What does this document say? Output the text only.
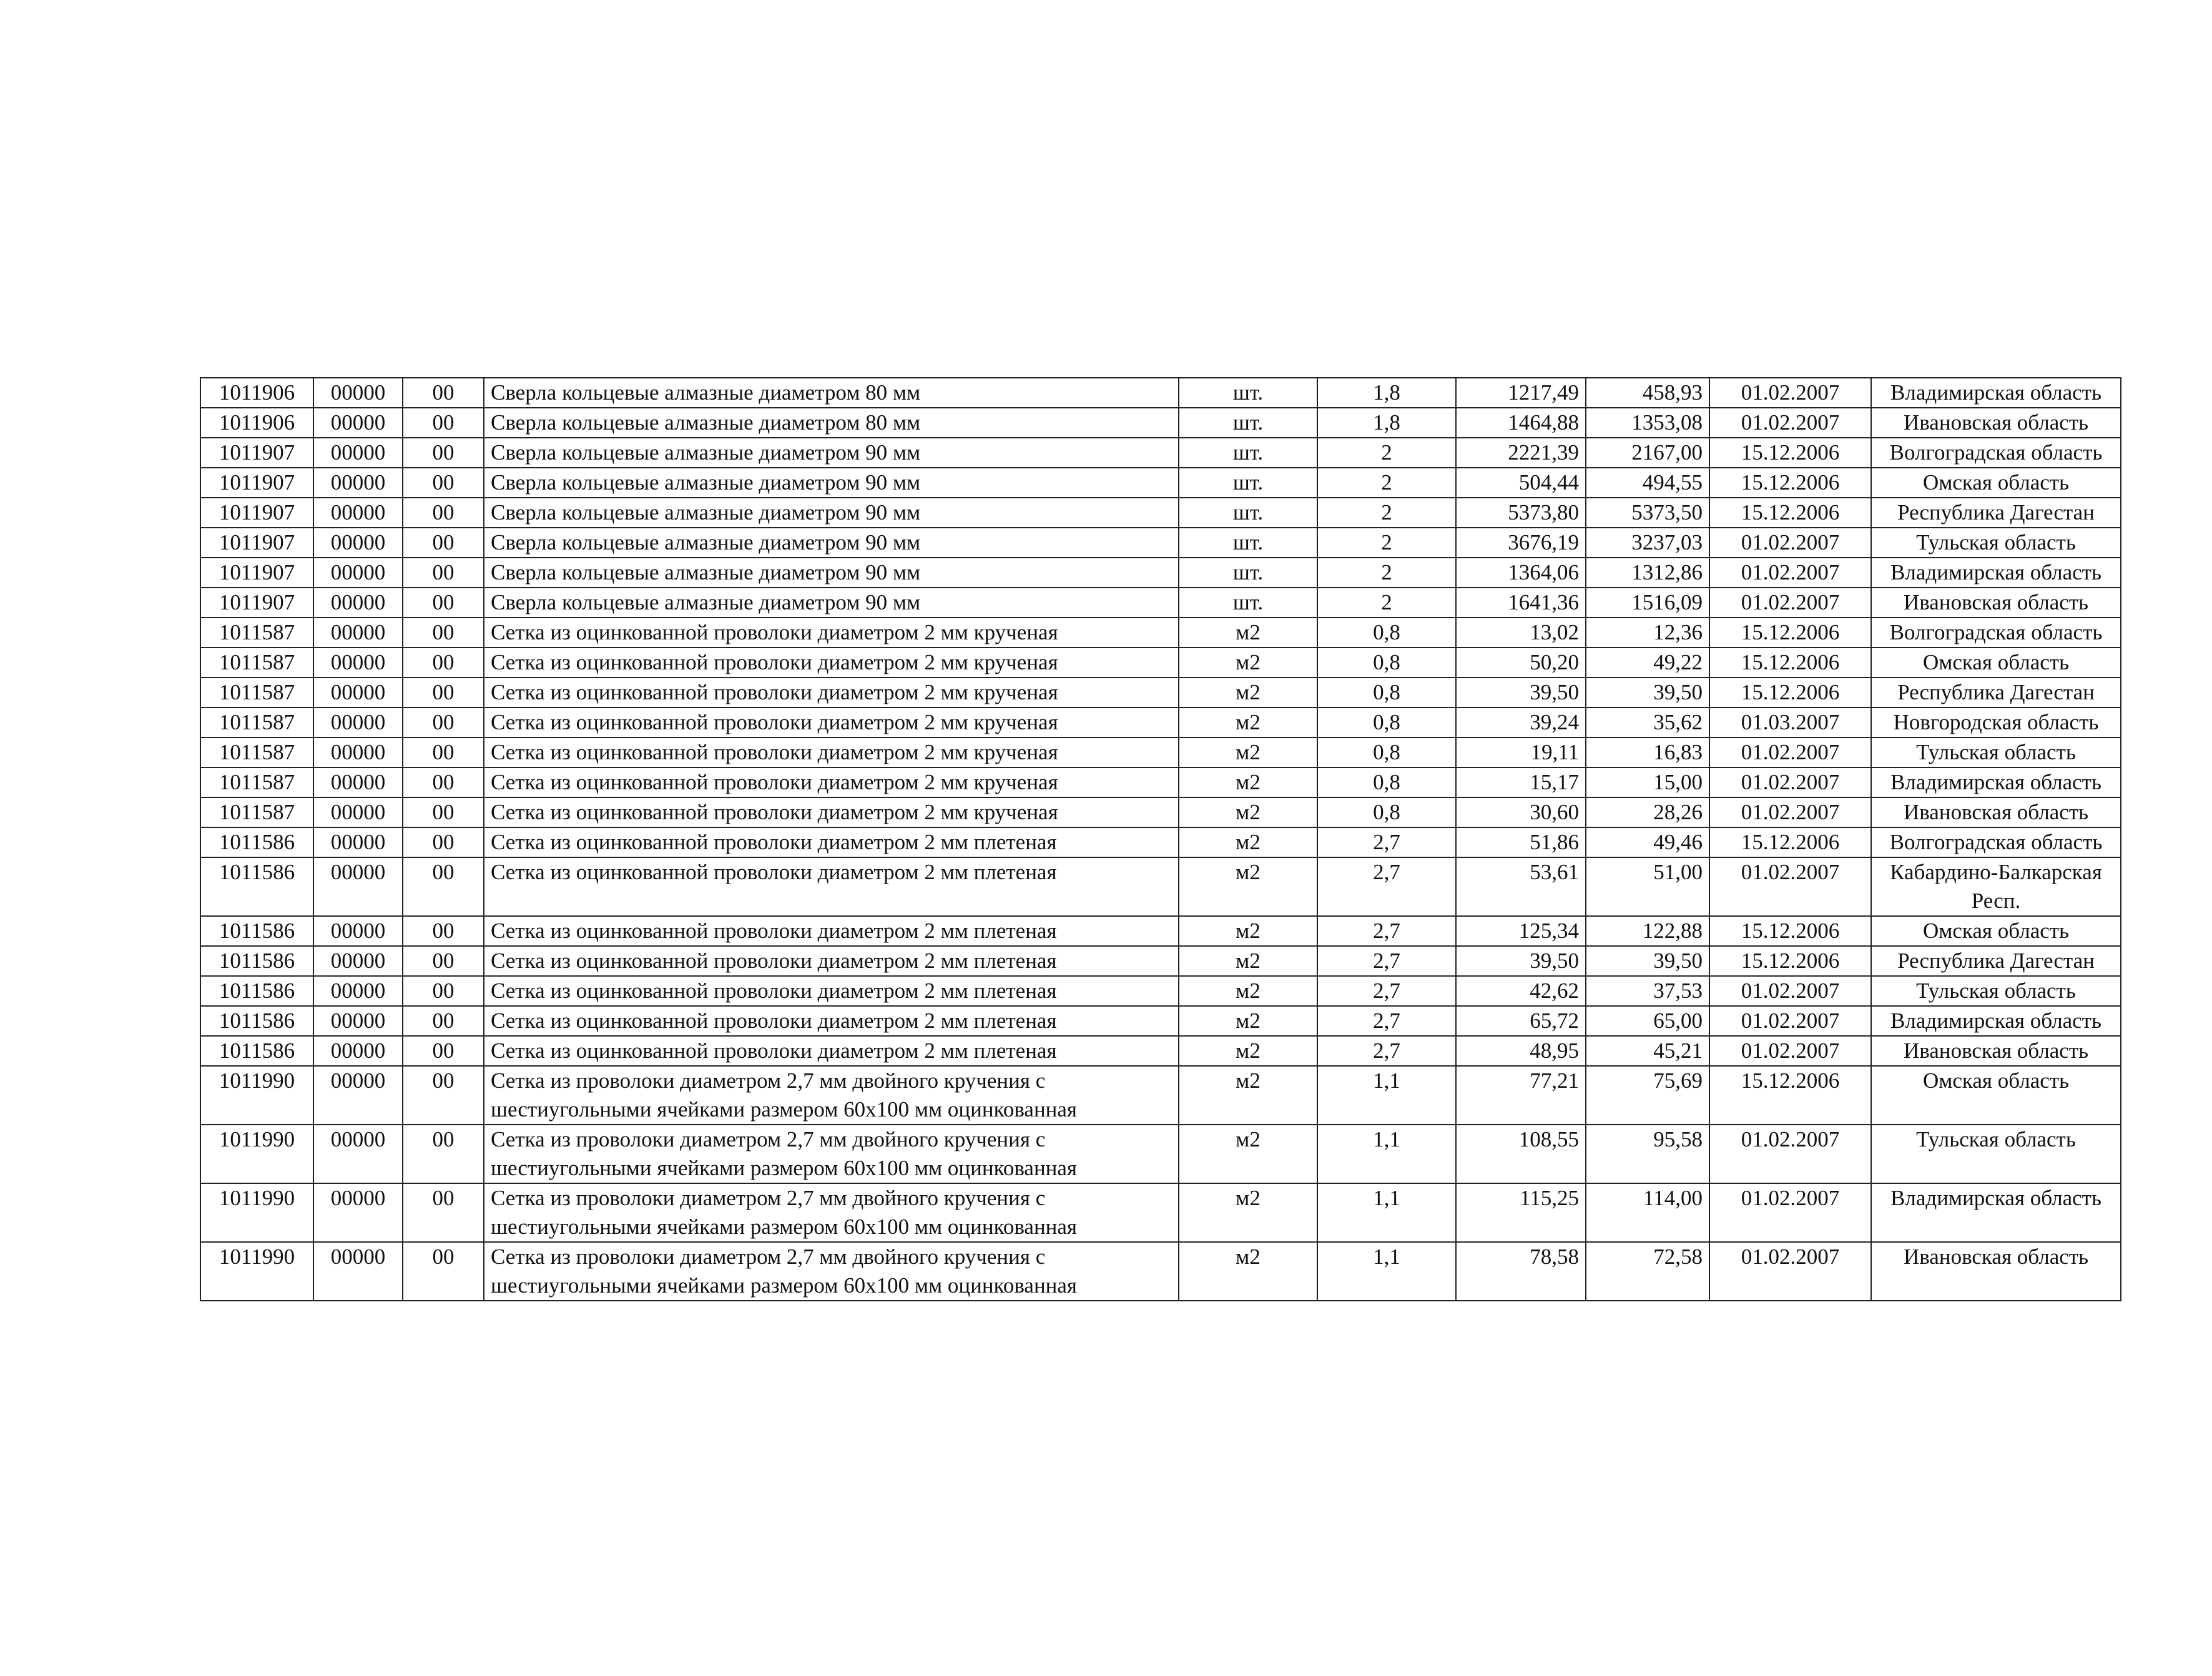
1011906	00000	00	Сверла кольцевые алмазные диаметром 80 мм	шт.	1,8	1217,49	458,93	01.02.2007	Владимирская область
1011906	00000	00	Сверла кольцевые алмазные диаметром 80 мм	шт.	1,8	1464,88	1353,08	01.02.2007	Ивановская область
1011907	00000	00	Сверла кольцевые алмазные диаметром 90 мм	шт.	2	2221,39	2167,00	15.12.2006	Волгоградская область
1011907	00000	00	Сверла кольцевые алмазные диаметром 90 мм	шт.	2	504,44	494,55	15.12.2006	Омская область
1011907	00000	00	Сверла кольцевые алмазные диаметром 90 мм	шт.	2	5373,80	5373,50	15.12.2006	Республика Дагестан
1011907	00000	00	Сверла кольцевые алмазные диаметром 90 мм	шт.	2	3676,19	3237,03	01.02.2007	Тульская область
1011907	00000	00	Сверла кольцевые алмазные диаметром 90 мм	шт.	2	1364,06	1312,86	01.02.2007	Владимирская область
1011907	00000	00	Сверла кольцевые алмазные диаметром 90 мм	шт.	2	1641,36	1516,09	01.02.2007	Ивановская область
1011587	00000	00	Сетка из оцинкованной проволоки диаметром 2 мм крученая	м2	0,8	13,02	12,36	15.12.2006	Волгоградская область
1011587	00000	00	Сетка из оцинкованной проволоки диаметром 2 мм крученая	м2	0,8	50,20	49,22	15.12.2006	Омская область
1011587	00000	00	Сетка из оцинкованной проволоки диаметром 2 мм крученая	м2	0,8	39,50	39,50	15.12.2006	Республика Дагестан
1011587	00000	00	Сетка из оцинкованной проволоки диаметром 2 мм крученая	м2	0,8	39,24	35,62	01.03.2007	Новгородская область
1011587	00000	00	Сетка из оцинкованной проволоки диаметром 2 мм крученая	м2	0,8	19,11	16,83	01.02.2007	Тульская область
1011587	00000	00	Сетка из оцинкованной проволоки диаметром 2 мм крученая	м2	0,8	15,17	15,00	01.02.2007	Владимирская область
1011587	00000	00	Сетка из оцинкованной проволоки диаметром 2 мм крученая	м2	0,8	30,60	28,26	01.02.2007	Ивановская область
1011586	00000	00	Сетка из оцинкованной проволоки диаметром 2 мм плетеная	м2	2,7	51,86	49,46	15.12.2006	Волгоградская область
1011586	00000	00	Сетка из оцинкованной проволоки диаметром 2 мм плетеная	м2	2,7	53,61	51,00	01.02.2007	Кабардино-Балкарская Респ.
1011586	00000	00	Сетка из оцинкованной проволоки диаметром 2 мм плетеная	м2	2,7	125,34	122,88	15.12.2006	Омская область
1011586	00000	00	Сетка из оцинкованной проволоки диаметром 2 мм плетеная	м2	2,7	39,50	39,50	15.12.2006	Республика Дагестан
1011586	00000	00	Сетка из оцинкованной проволоки диаметром 2 мм плетеная	м2	2,7	42,62	37,53	01.02.2007	Тульская область
1011586	00000	00	Сетка из оцинкованной проволоки диаметром 2 мм плетеная	м2	2,7	65,72	65,00	01.02.2007	Владимирская область
1011586	00000	00	Сетка из оцинкованной проволоки диаметром 2 мм плетеная	м2	2,7	48,95	45,21	01.02.2007	Ивановская область
1011990	00000	00	Сетка из проволоки диаметром 2,7 мм двойного кручения с шестиугольными ячейками размером 60х100 мм оцинкованная	м2	1,1	77,21	75,69	15.12.2006	Омская область
1011990	00000	00	Сетка из проволоки диаметром 2,7 мм двойного кручения с шестиугольными ячейками размером 60х100 мм оцинкованная	м2	1,1	108,55	95,58	01.02.2007	Тульская область
1011990	00000	00	Сетка из проволоки диаметром 2,7 мм двойного кручения с шестиугольными ячейками размером 60х100 мм оцинкованная	м2	1,1	115,25	114,00	01.02.2007	Владимирская область
1011990	00000	00	Сетка из проволоки диаметром 2,7 мм двойного кручения с шестиугольными ячейками размером 60х100 мм оцинкованная	м2	1,1	78,58	72,58	01.02.2007	Ивановская область
